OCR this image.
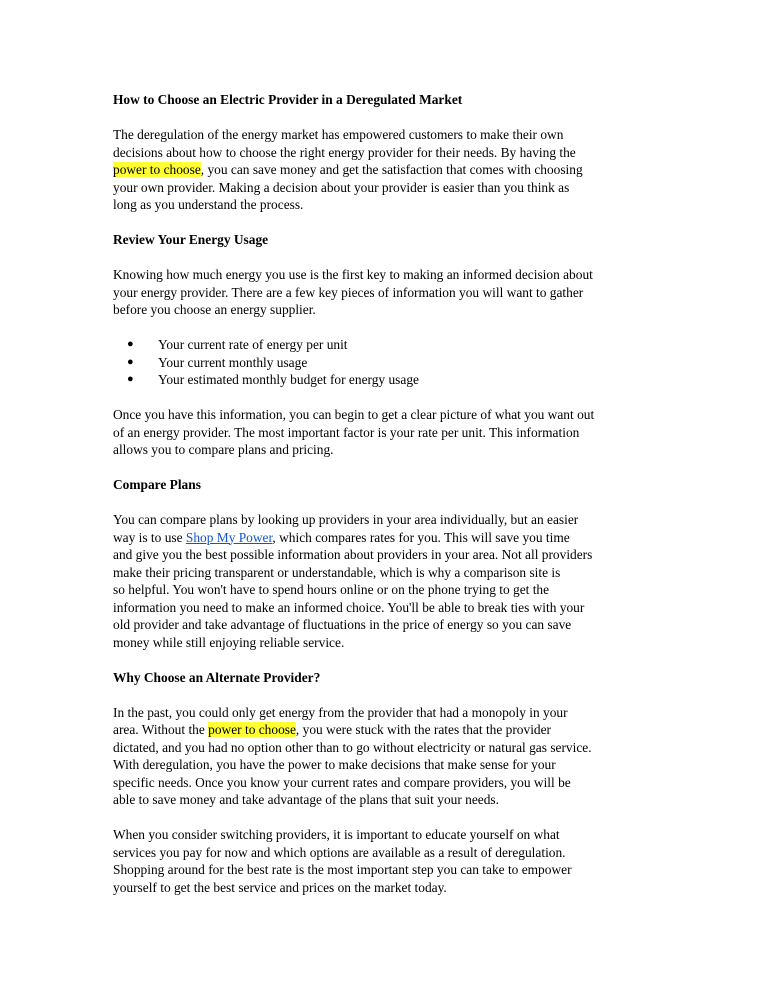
How to Choose an Electric Provider in a Deregulated Market
The deregulation of the energy market has empowered customers to make their own
decisions about how to choose the right energy provider for their needs. By having the
power to choose, you can save money and get the satisfaction that comes with choosing
your own provider. Making a decision about your provider is easier than you think as
long as you understand the process.
Review Your Energy Usage
Knowing how much energy you use is the first key to making an informed decision about
your energy provider. There are a few key pieces of information you will want to gather
before you choose an energy supplier.
● Your current rate of energy per unit
● Your current monthly usage
● Your estimated monthly budget for energy usage
Once you have this information, you can begin to get a clear picture of what you want out
of an energy provider. The most important factor is your rate per unit. This information
allows you to compare plans and pricing.
Compare Plans
You can compare plans by looking up providers in your area individually, but an easier
way is to use Shop My Power, which compares rates for you. This will save you time
and give you the best possible information about providers in your area. Not all providers
make their pricing transparent or understandable, which is why a comparison site is
so helpful. You won't have to spend hours online or on the phone trying to get the
information you need to make an informed choice. You'll be able to break ties with your
old provider and take advantage of fluctuations in the price of energy so you can save
money while still enjoying reliable service.
Why Choose an Alternate Provider?
In the past, you could only get energy from the provider that had a monopoly in your
area. Without the power to choose, you were stuck with the rates that the provider
dictated, and you had no option other than to go without electricity or natural gas service.
With deregulation, you have the power to make decisions that make sense for your
specific needs. Once you know your current rates and compare providers, you will be
able to save money and take advantage of the plans that suit your needs.
When you consider switching providers, it is important to educate yourself on what
services you pay for now and which options are available as a result of deregulation.
Shopping around for the best rate is the most important step you can take to empower
yourself to get the best service and prices on the market today.
